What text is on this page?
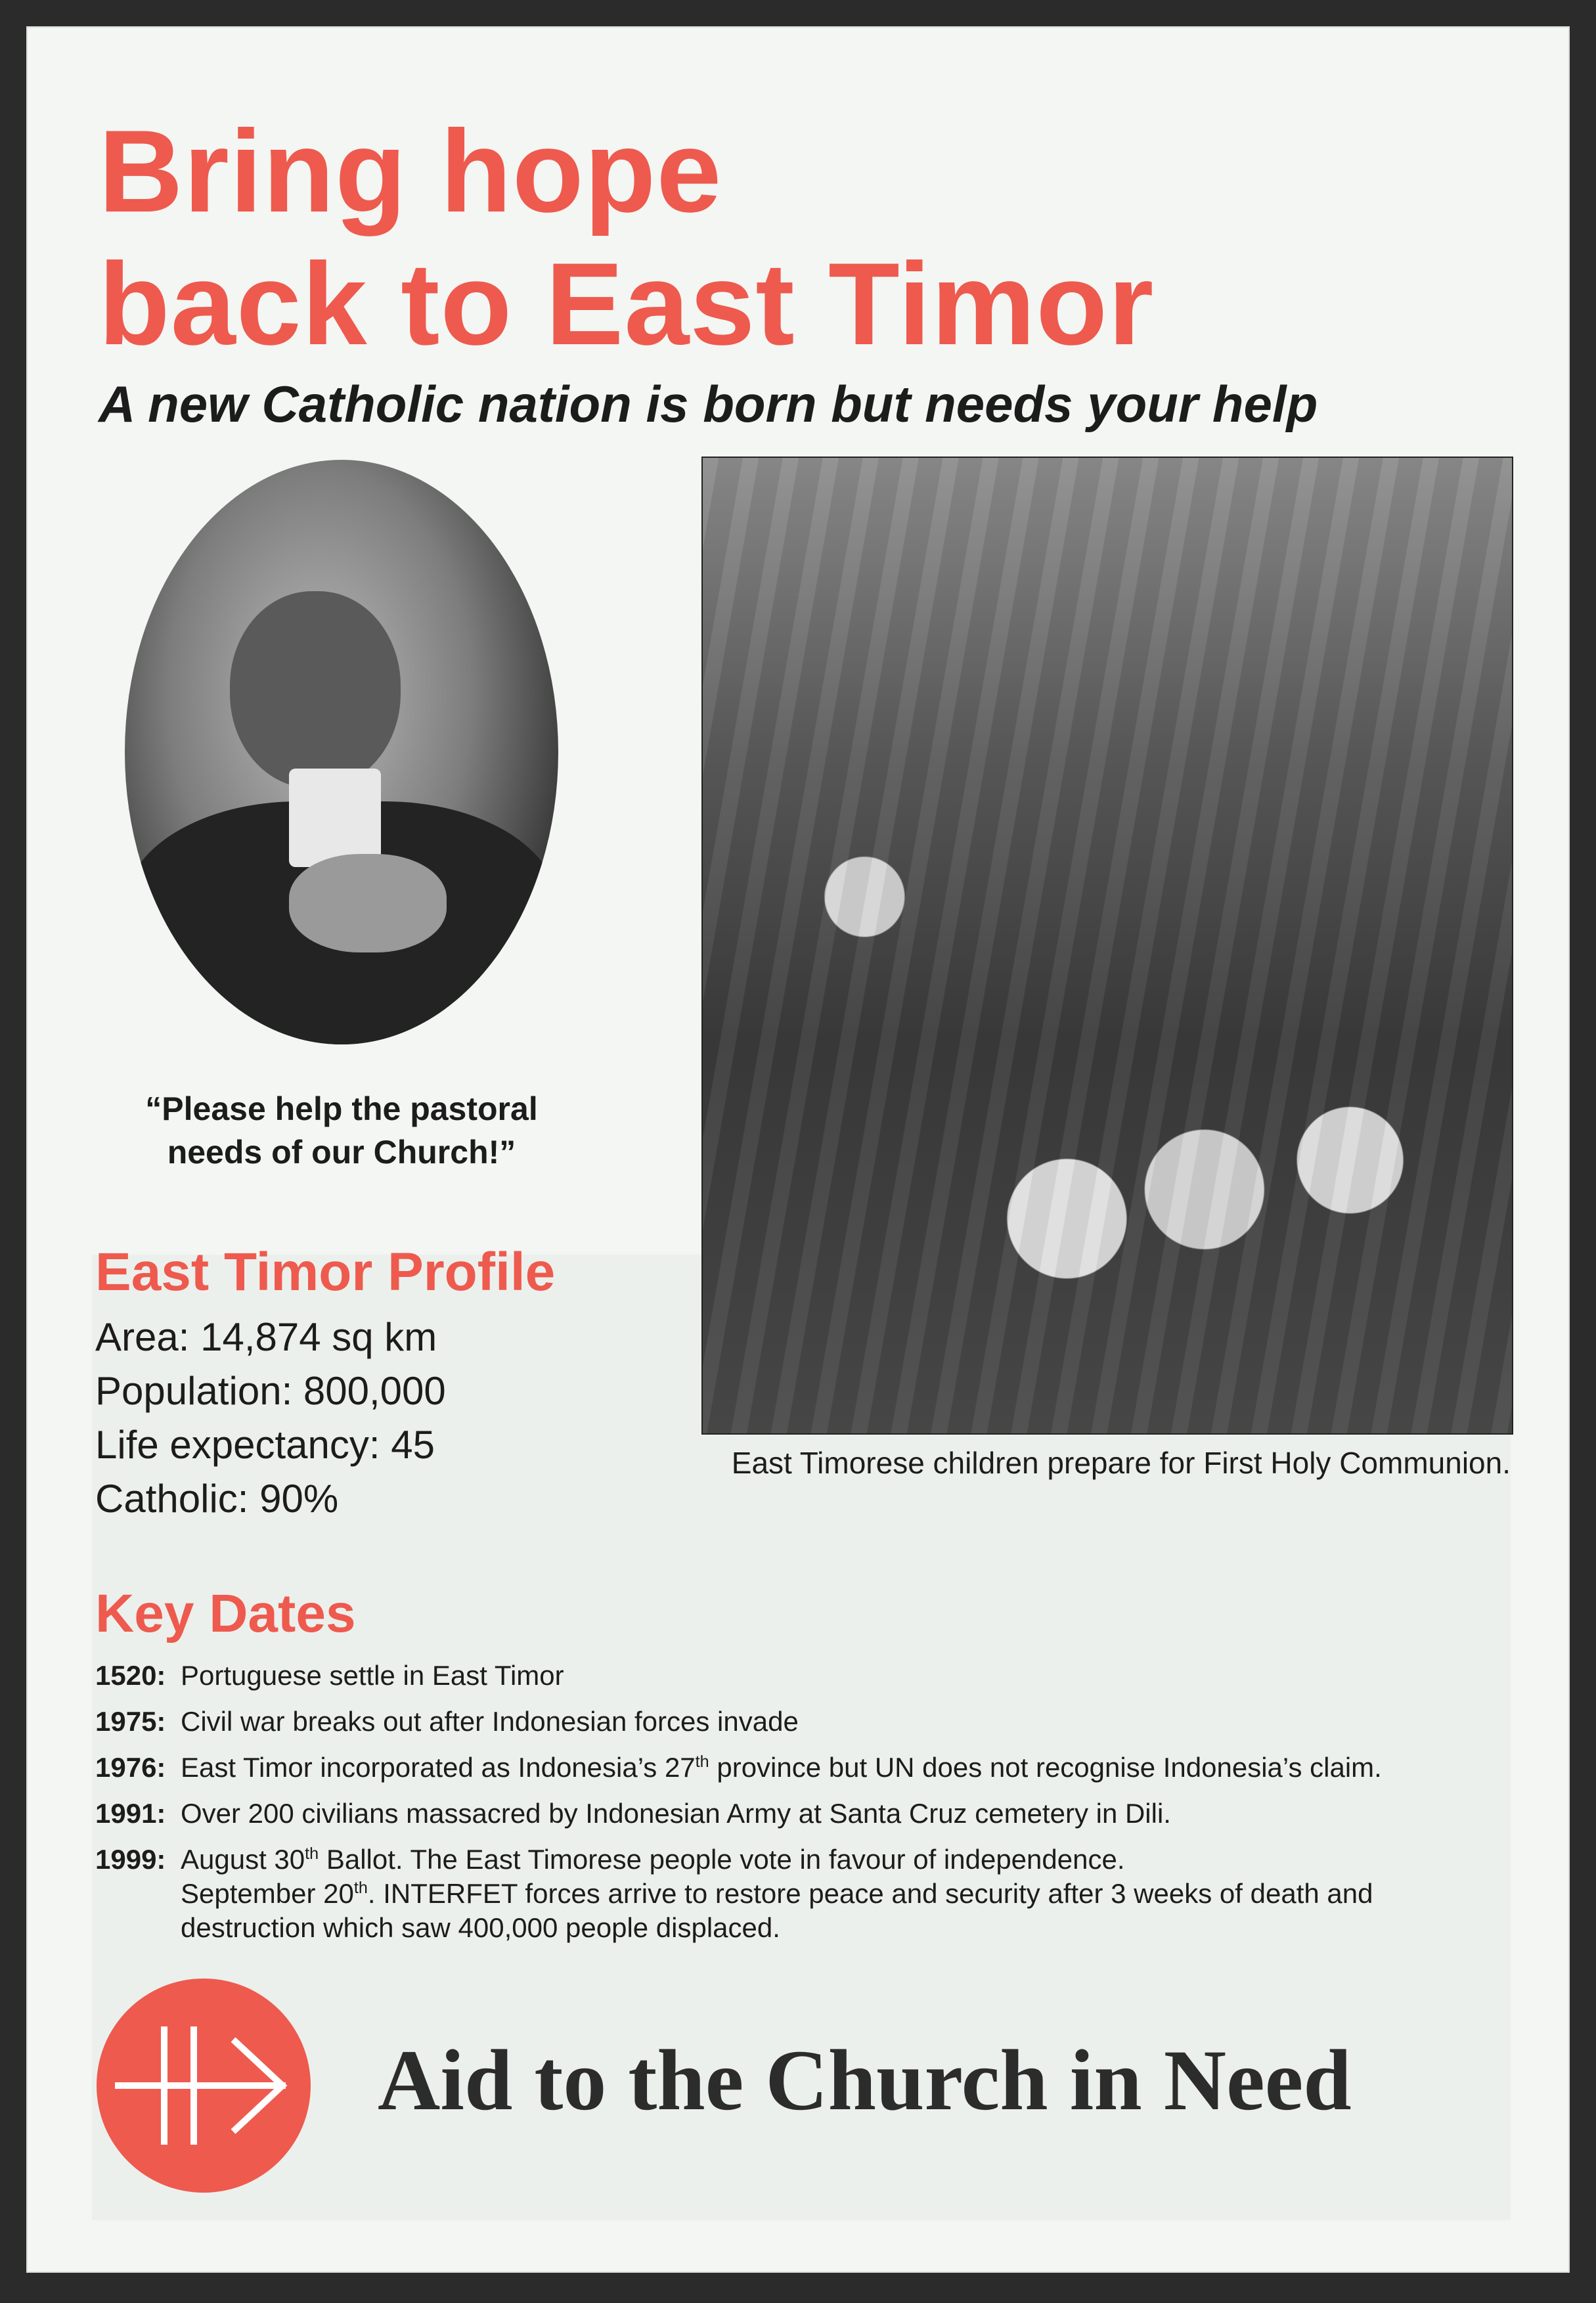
Bring hope
back to East Timor
A new Catholic nation is born but needs your help
“Please help the pastoral needs of our Church!”
East Timorese children prepare for First Holy Communion.
East Timor Profile
Area: 14,874 sq km
Population: 800,000
Life expectancy: 45
Catholic: 90%
Key Dates
1520: Portuguese settle in East Timor
1975: Civil war breaks out after Indonesian forces invade
1976: East Timor incorporated as Indonesia’s 27th province but UN does not recognise Indonesia’s claim.
1991: Over 200 civilians massacred by Indonesian Army at Santa Cruz cemetery in Dili.
1999: August 30th Ballot. The East Timorese people vote in favour of independence.

September 20th. INTERFET forces arrive to restore peace and security after 3 weeks of death and destruction which saw 400,000 people displaced.

Aid to the Church in Need
